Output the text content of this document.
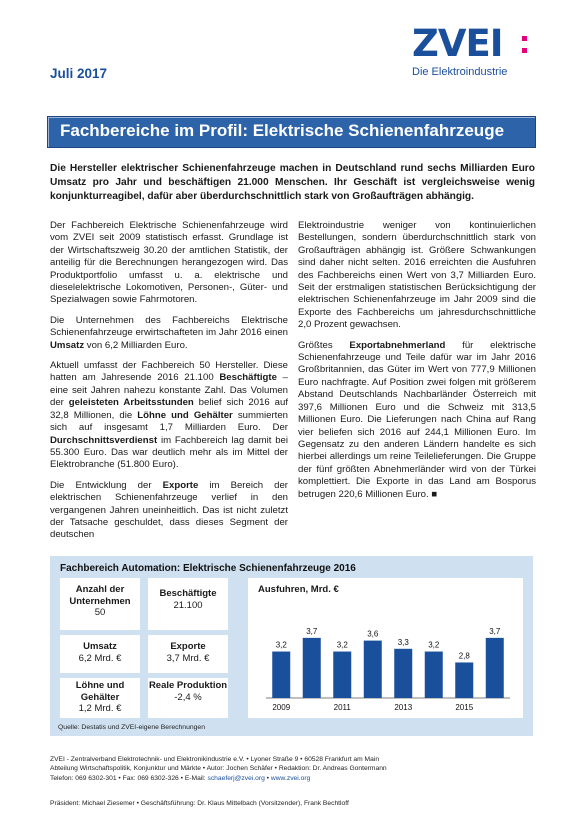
Juli 2017
ZVEI
Die Elektroindustrie
Fachbereiche im Profil: Elektrische Schienenfahrzeuge
Die Hersteller elektrischer Schienenfahrzeuge machen in Deutschland rund sechs Milliarden Euro Umsatz pro Jahr und beschäftigen 21.000 Menschen. Ihr Geschäft ist vergleichsweise wenig konjunkturreagibel, dafür aber überdurchschnittlich stark von Großaufträgen abhängig.

Der Fachbereich Elektrische Schienenfahrzeuge wird vom ZVEI seit 2009 statistisch erfasst. Grundlage ist der Wirtschaftszweig 30.20 der amtlichen Statistik, der anteilig für die Berechnungen herangezogen wird. Das Produktportfolio umfasst u. a. elektrische und dieselelektrische Lokomotiven, Personen-, Güter- und Spezialwagen sowie Fahrmotoren.

Die Unternehmen des Fachbereichs Elektrische Schienenfahrzeuge erwirtschafteten im Jahr 2016 einen Umsatz von 6,2 Milliarden Euro.

Aktuell umfasst der Fachbereich 50 Hersteller. Diese hatten am Jahresende 2016 21.100 Beschäftigte – eine seit Jahren nahezu konstante Zahl. Das Volumen der geleisteten Arbeitsstunden belief sich 2016 auf 32,8 Millionen, die Löhne und Gehälter summierten sich auf insgesamt 1,7 Milliarden Euro. Der Durchschnittsverdienst im Fachbereich lag damit bei 55.300 Euro. Das war deutlich mehr als im Mittel der Elektrobranche (51.800 Euro).

Die Entwicklung der Exporte im Bereich der elektrischen Schienenfahrzeuge verlief in den vergangenen Jahren uneinheitlich. Das ist nicht zuletzt der Tatsache geschuldet, dass dieses Segment der deutschen

Elektroindustrie weniger von kontinuierlichen Bestellungen, sondern überdurchschnittlich stark von Großaufträgen abhängig ist. Größere Schwankungen sind daher nicht selten. 2016 erreichten die Ausfuhren des Fachbereichs einen Wert von 3,7 Milliarden Euro. Seit der erstmaligen statistischen Berücksichtigung der elektrischen Schienenfahrzeuge im Jahr 2009 sind die Exporte des Fachbereichs um jahresdurchschnittliche 2,0 Prozent gewachsen.

Größtes Exportabnehmerland für elektrische Schienenfahrzeuge und Teile dafür war im Jahr 2016 Großbritannien, das Güter im Wert von 777,9 Millionen Euro nachfragte. Auf Position zwei folgen mit größerem Abstand Deutschlands Nachbarländer Österreich mit 397,6 Millionen Euro und die Schweiz mit 313,5 Millionen Euro. Die Lieferungen nach China auf Rang vier beliefen sich 2016 auf 244,1 Millionen Euro. Im Gegensatz zu den anderen Ländern handelte es sich hierbei allerdings um reine Teilelieferungen. Die Gruppe der fünf größten Abnehmerländer wird von der Türkei komplettiert. Die Exporte in das Land am Bosporus betrugen 220,6 Millionen Euro. ■

Fachbereich Automation: Elektrische Schienenfahrzeuge 2016
Anzahl der Unternehmen
50
Beschäftigte
21.100
Umsatz
6,2 Mrd. €
Exporte
3,7 Mrd. €
Löhne und Gehälter
1,2 Mrd. €
Reale Produktion
-2,4 %
Ausfuhren, Mrd. €
3,2
2009
3,7
3,2
2011
3,6
3,3
2013
3,2
2,8
2015
3,7
Quelle: Destatis und ZVEI-eigene Berechnungen
ZVEI - Zentralverband Elektrotechnik- und Elektronikindustrie e.V. • Lyoner Straße 9 • 60528 Frankfurt am Main
Abteilung Wirtschaftspolitik, Konjunktur und Märkte • Autor: Jochen Schäfer • Redaktion: Dr. Andreas Gontermann
Telefon: 069 6302-301 • Fax: 069 6302-326 • E-Mail: schaeferj@zvei.org • www.zvei.org
Präsident: Michael Ziesemer • Geschäftsführung: Dr. Klaus Mittelbach (Vorsitzender), Frank Bechtloff
